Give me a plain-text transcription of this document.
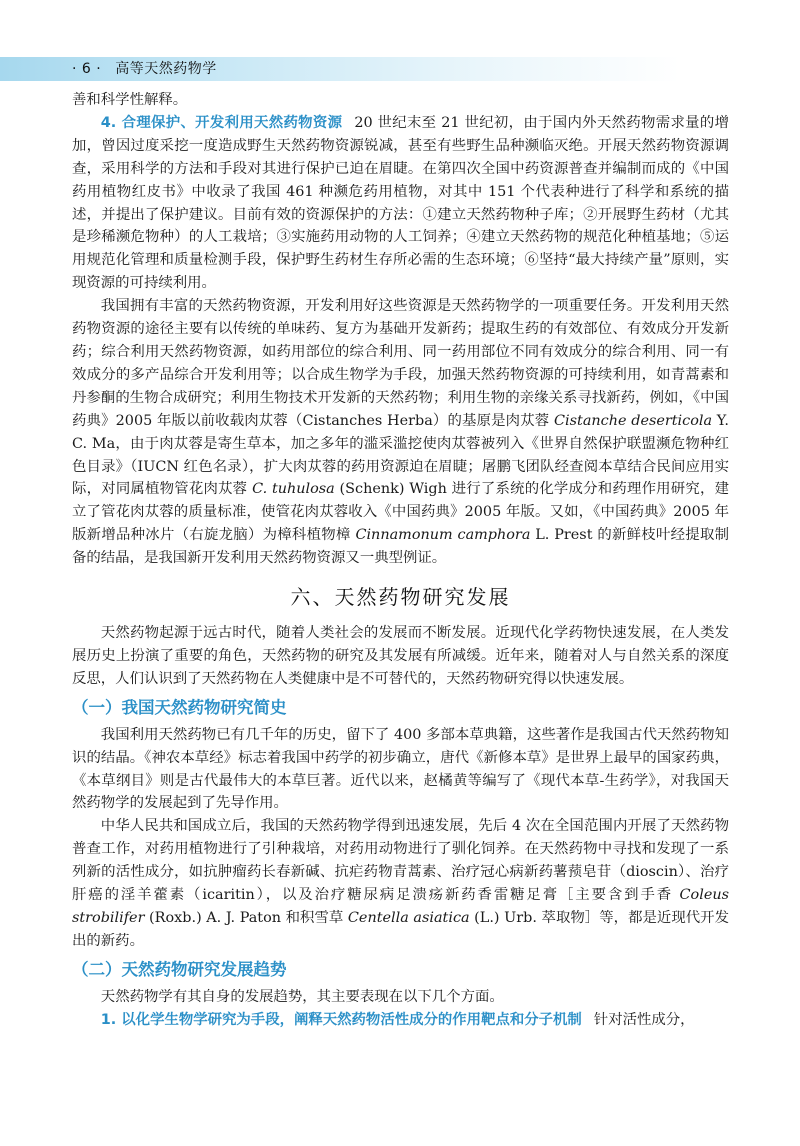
· 6 · 高等天然药物学

善和科学性解释。

4. 合理保护、开发利用天然药物资源 20 世纪末至 21 世纪初，由于国内外天然药物需求量的增加，曾因过度采挖一度造成野生天然药物资源锐减，甚至有些野生品种濒临灭绝。开展天然药物资源调查，采用科学的方法和手段对其进行保护已迫在眉睫。在第四次全国中药资源普查并编制而成的《中国药用植物红皮书》中收录了我国 461 种濒危药用植物，对其中 151 个代表种进行了科学和系统的描述，并提出了保护建议。目前有效的资源保护的方法：①建立天然药物种子库；②开展野生药材（尤其是珍稀濒危物种）的人工栽培；③实施药用动物的人工饲养；④建立天然药物的规范化种植基地；⑤运用规范化管理和质量检测手段，保护野生药材生存所必需的生态环境；⑥坚持“最大持续产量”原则，实现资源的可持续利用。

我国拥有丰富的天然药物资源，开发利用好这些资源是天然药物学的一项重要任务。开发利用天然药物资源的途径主要有以传统的单味药、复方为基础开发新药；提取生药的有效部位、有效成分开发新药；综合利用天然药物资源，如药用部位的综合利用、同一药用部位不同有效成分的综合利用、同一有效成分的多产品综合开发利用等；以合成生物学为手段，加强天然药物资源的可持续利用，如青蒿素和丹参酮的生物合成研究；利用生物技术开发新的天然药物；利用生物的亲缘关系寻找新药，例如，《中国药典》2005 年版以前收载肉苁蓉（Cistanches Herba）的基原是肉苁蓉 Cistanche deserticola Y. C. Ma，由于肉苁蓉是寄生草本，加之多年的滥采滥挖使肉苁蓉被列入《世界自然保护联盟濒危物种红色目录》（IUCN 红色名录），扩大肉苁蓉的药用资源迫在眉睫；屠鹏飞团队经查阅本草结合民间应用实际，对同属植物管花肉苁蓉 C. tuhulosa (Schenk) Wigh 进行了系统的化学成分和药理作用研究，建立了管花肉苁蓉的质量标准，使管花肉苁蓉收入《中国药典》2005 年版。又如，《中国药典》2005 年版新增品种冰片（右旋龙脑）为樟科植物樟 Cinnamonum camphora L. Prest 的新鲜枝叶经提取制备的结晶，是我国新开发利用天然药物资源又一典型例证。

六、天然药物研究发展

天然药物起源于远古时代，随着人类社会的发展而不断发展。近现代化学药物快速发展，在人类发展历史上扮演了重要的角色，天然药物的研究及其发展有所减缓。近年来，随着对人与自然关系的深度反思，人们认识到了天然药物在人类健康中是不可替代的，天然药物研究得以快速发展。

（一）我国天然药物研究简史

我国利用天然药物已有几千年的历史，留下了 400 多部本草典籍，这些著作是我国古代天然药物知识的结晶。《神农本草经》标志着我国中药学的初步确立，唐代《新修本草》是世界上最早的国家药典，《本草纲目》则是古代最伟大的本草巨著。近代以来，赵橘黄等编写了《现代本草-生药学》，对我国天然药物学的发展起到了先导作用。

中华人民共和国成立后，我国的天然药物学得到迅速发展，先后 4 次在全国范围内开展了天然药物普查工作，对药用植物进行了引种栽培，对药用动物进行了驯化饲养。在天然药物中寻找和发现了一系列新的活性成分，如抗肿瘤药长春新碱、抗疟药物青蒿素、治疗冠心病新药薯蓣皂苷（dioscin）、治疗肝癌的淫羊藿素（icaritin），以及治疗糖尿病足溃疡新药香雷糖足膏［主要含到手香 Coleus strobilifer (Roxb.) A. J. Paton 和积雪草 Centella asiatica (L.) Urb. 萃取物］等，都是近现代开发出的新药。

（二）天然药物研究发展趋势

天然药物学有其自身的发展趋势，其主要表现在以下几个方面。

1. 以化学生物学研究为手段，阐释天然药物活性成分的作用靶点和分子机制 针对活性成分，
